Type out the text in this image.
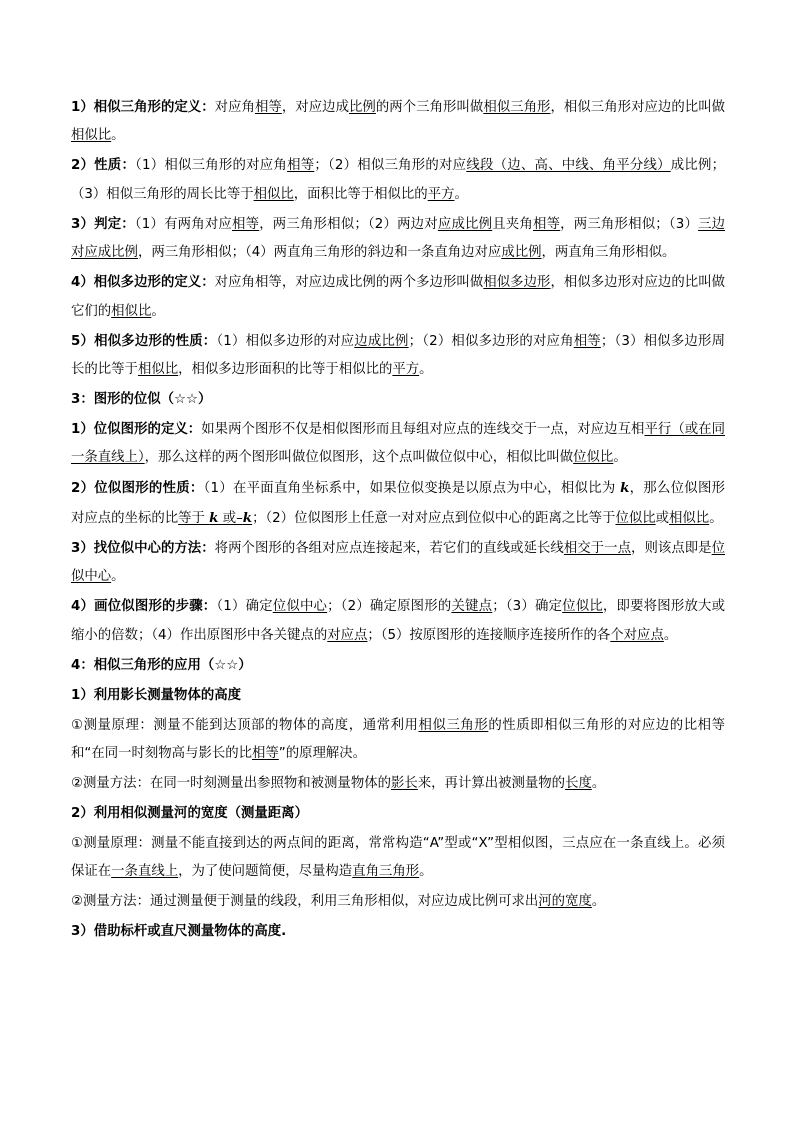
1）相似三角形的定义：对应角相等，对应边成比例的两个三角形叫做相似三角形，相似三角形对应边的比叫做相似比。

2）性质：（1）相似三角形的对应角相等；（2）相似三角形的对应线段（边、高、中线、角平分线）成比例；（3）相似三角形的周长比等于相似比，面积比等于相似比的平方。

3）判定：（1）有两角对应相等，两三角形相似；（2）两边对应成比例且夹角相等，两三角形相似；（3）三边对应成比例，两三角形相似；（4）两直角三角形的斜边和一条直角边对应成比例，两直角三角形相似。

4）相似多边形的定义：对应角相等，对应边成比例的两个多边形叫做相似多边形，相似多边形对应边的比叫做它们的相似比。

5）相似多边形的性质：（1）相似多边形的对应边成比例；（2）相似多边形的对应角相等；（3）相似多边形周长的比等于相似比，相似多边形面积的比等于相似比的平方。

3：图形的位似（☆☆）

1）位似图形的定义：如果两个图形不仅是相似图形而且每组对应点的连线交于一点，对应边互相平行（或在同一条直线上），那么这样的两个图形叫做位似图形，这个点叫做位似中心，相似比叫做位似比。

2）位似图形的性质：（1）在平面直角坐标系中，如果位似变换是以原点为中心，相似比为 k，那么位似图形对应点的坐标的比等于 k 或–k；（2）位似图形上任意一对对应点到位似中心的距离之比等于位似比或相似比。

3）找位似中心的方法：将两个图形的各组对应点连接起来，若它们的直线或延长线相交于一点，则该点即是位似中心。

4）画位似图形的步骤：（1）确定位似中心；（2）确定原图形的关键点；（3）确定位似比，即要将图形放大或缩小的倍数；（4）作出原图形中各关键点的对应点；（5）按原图形的连接顺序连接所作的各个对应点。

4：相似三角形的应用（☆☆）

1）利用影长测量物体的高度

①测量原理：测量不能到达顶部的物体的高度，通常利用相似三角形的性质即相似三角形的对应边的比相等和“在同一时刻物高与影长的比相等”的原理解决。

②测量方法：在同一时刻测量出参照物和被测量物体的影长来，再计算出被测量物的长度。

2）利用相似测量河的宽度（测量距离）

①测量原理：测量不能直接到达的两点间的距离，常常构造“A”型或“X”型相似图，三点应在一条直线上。必须保证在一条直线上，为了使问题简便，尽量构造直角三角形。

②测量方法：通过测量便于测量的线段，利用三角形相似，对应边成比例可求出河的宽度。

3）借助标杆或直尺测量物体的高度.
